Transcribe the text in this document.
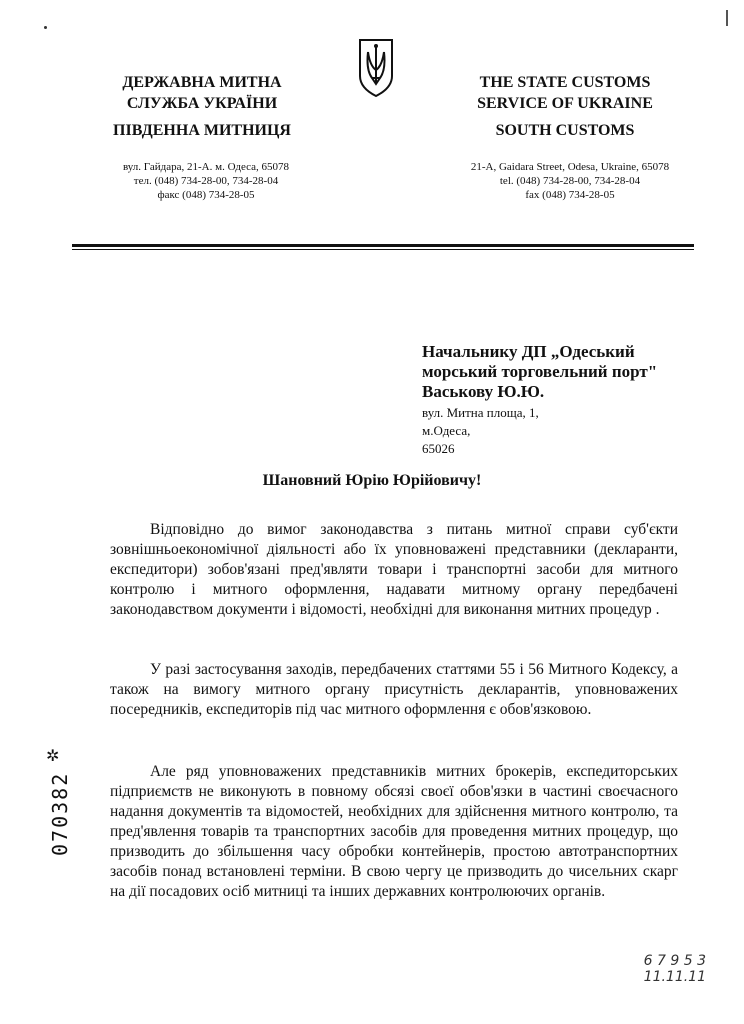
ДЕРЖАВНА МИТНА
СЛУЖБА УКРАЇНИ
ПІВДЕННА МИТНИЦЯ
THE STATE CUSTOMS
SERVICE OF UKRAINE
SOUTH CUSTOMS
вул. Гайдара, 21-А. м. Одеса, 65078
тел. (048) 734-28-00, 734-28-04
факс (048) 734-28-05
21-A, Gaidara Street, Odesa, Ukraine, 65078
tel. (048) 734-28-00, 734-28-04
fax (048) 734-28-05
Начальнику ДП „Одеський
морський торговельний порт"
Васькову Ю.Ю.
вул. Митна площа, 1,
м.Одеса,
65026
Шановний Юрію Юрійовичу!
Відповідно до вимог законодавства з питань митної справи суб'єкти зовнішньоекономічної діяльності або їх уповноважені представники (декларанти, експедитори) зобов'язані пред'являти товари і транспортні засоби для митного контролю і митного оформлення, надавати митному органу передбачені законодавством документи і відомості, необхідні для виконання митних процедур .
У разі застосування заходів, передбачених статтями 55 і 56 Митного Кодексу, а також на вимогу митного органу присутність декларантів, уповноважених посередників, експедиторів під час митного оформлення є обов'язковою.
Але ряд уповноважених представників митних брокерів, експедиторських підприємств не виконують в повному обсязі своєї обов'язки в частині своєчасного надання документів та відомостей, необхідних для здійснення митного контролю, та пред'явлення товарів та транспортних засобів для проведення митних процедур, що призводить до збільшення часу обробки контейнерів, простою автотранспортних засобів понад встановлені терміни. В свою чергу це призводить до чисельних скарг на дії посадових осіб митниці та інших державних контролюючих органів.
✲
070382
6 7 9 5 3
11.11.11
